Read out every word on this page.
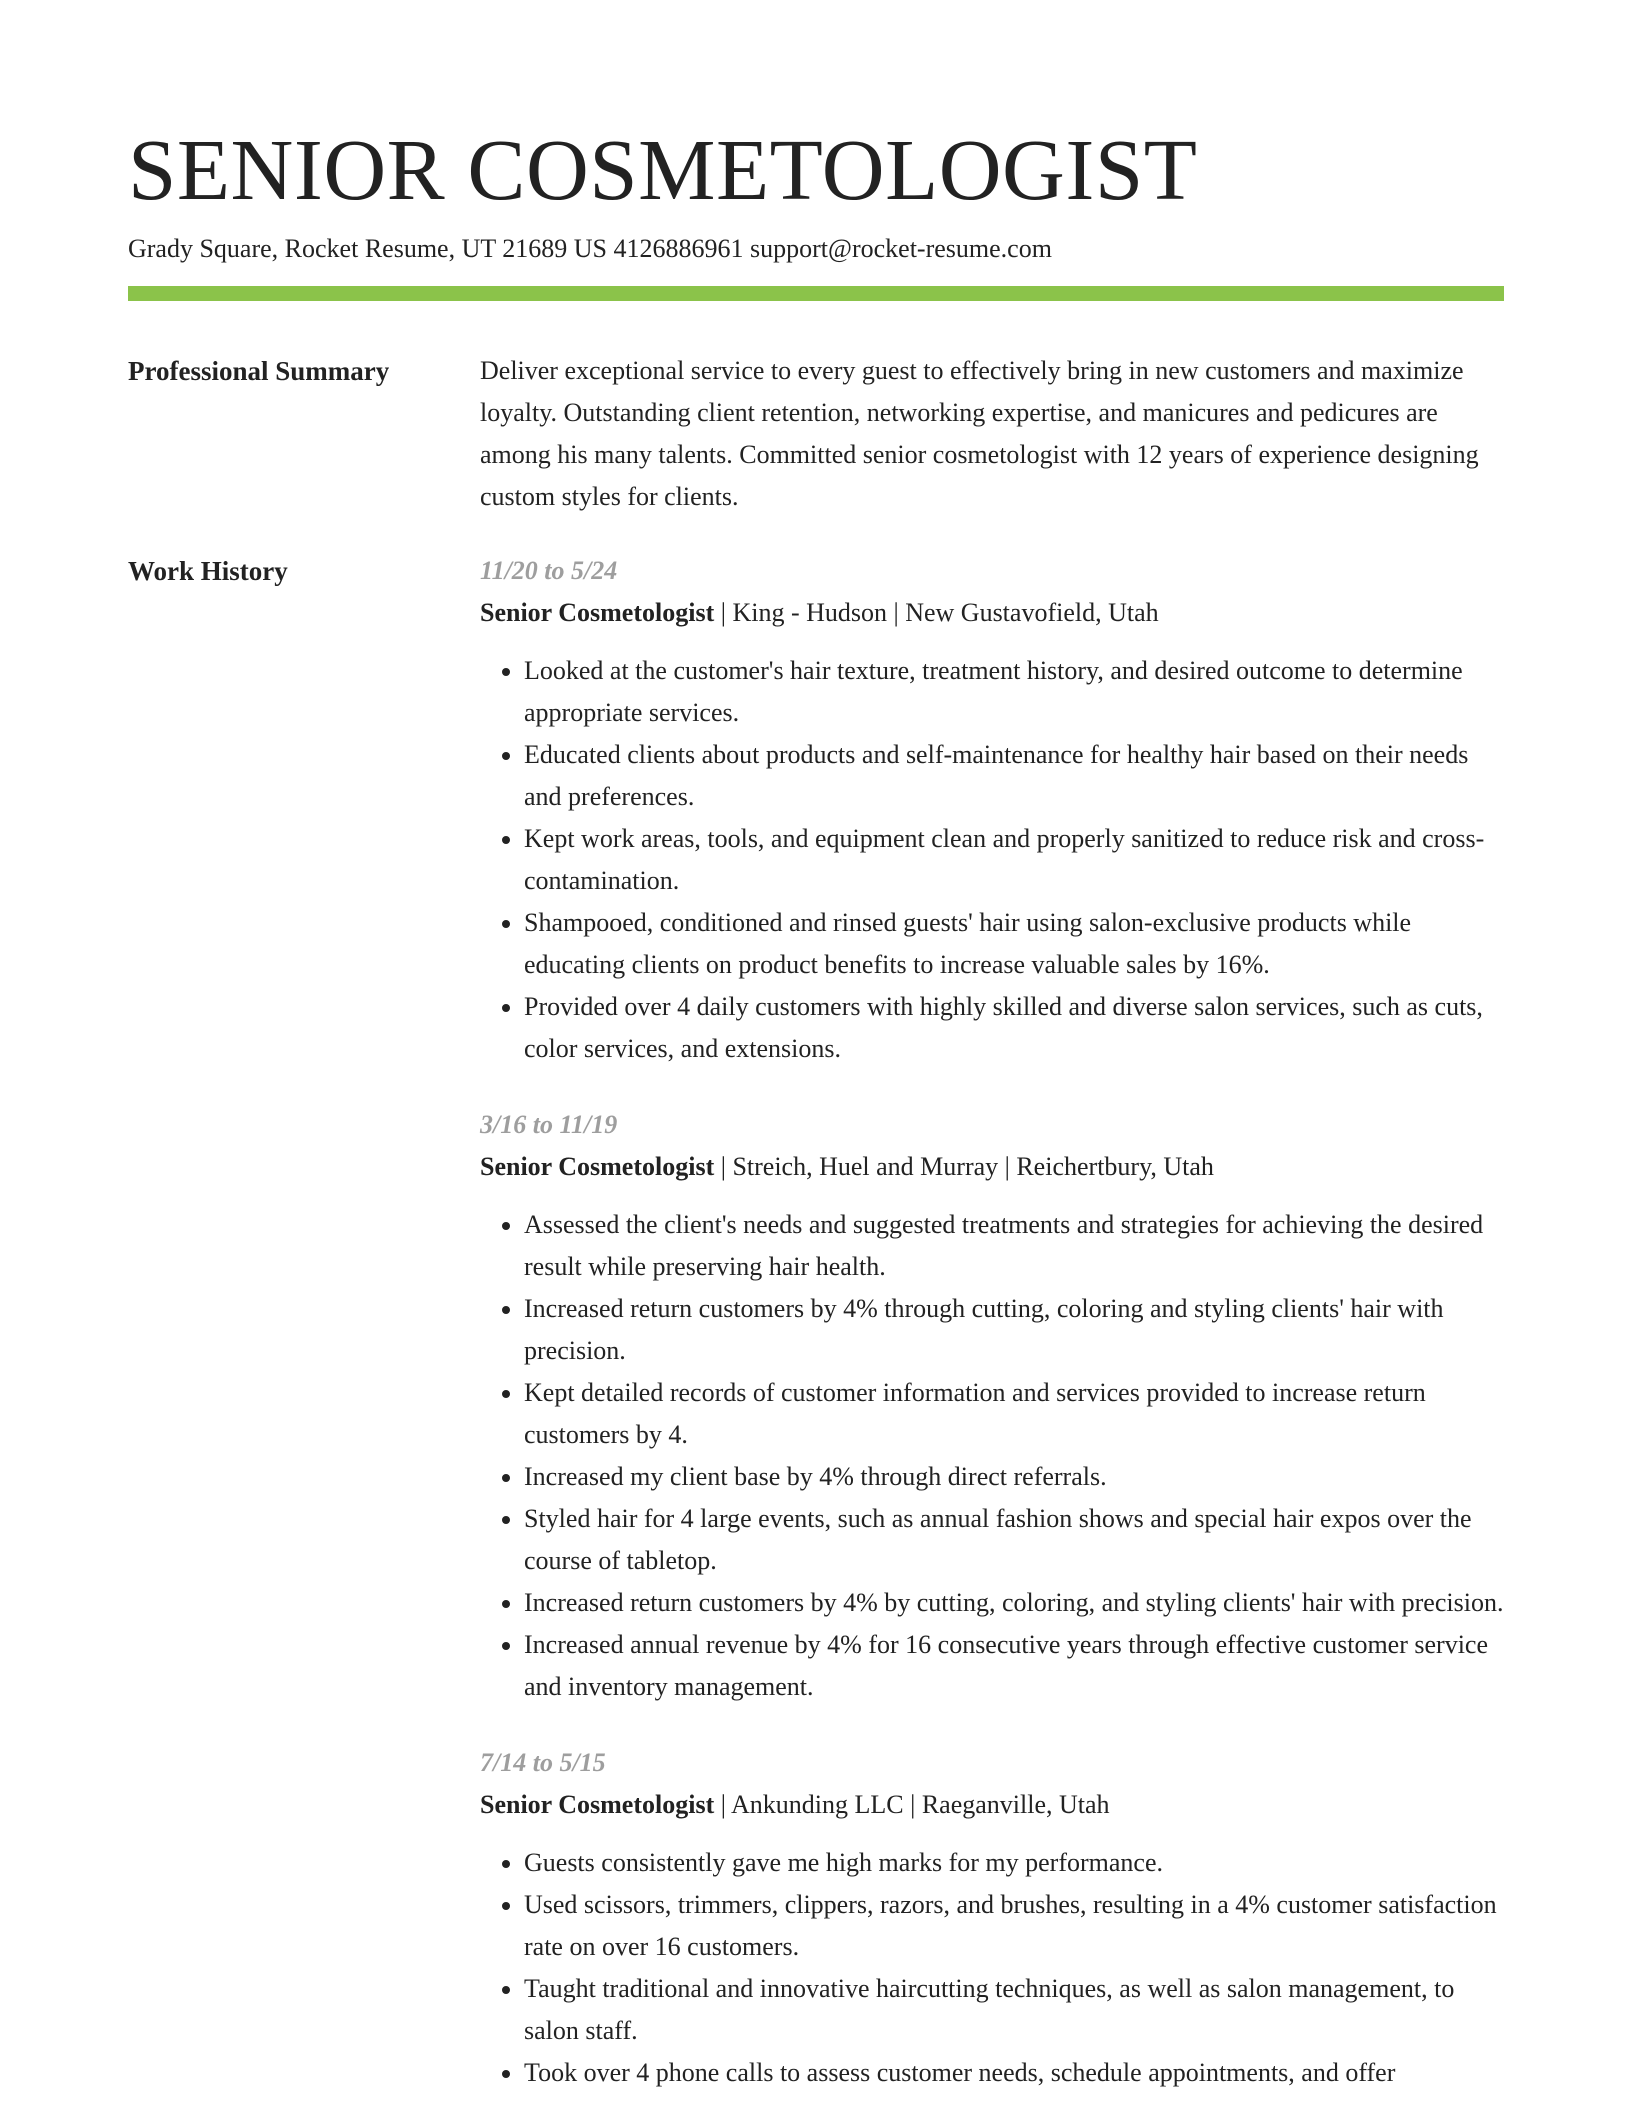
SENIOR COSMETOLOGIST
Grady Square, Rocket Resume, UT 21689 US 4126886961 support@rocket-resume.com
Professional Summary	Deliver exceptional service to every guest to effectively bring in new customers and maximize loyalty. Outstanding client retention, networking expertise, and manicures and pedicures are among his many talents. Committed senior cosmetologist with 12 years of experience designing custom styles for clients.

Work History	11/20 to 5/24
Senior Cosmetologist | King - Hudson | New Gustavofield, Utah
• Looked at the customer's hair texture, treatment history, and desired outcome to determine appropriate services.
• Educated clients about products and self-maintenance for healthy hair based on their needs and preferences.
• Kept work areas, tools, and equipment clean and properly sanitized to reduce risk and cross-contamination.
• Shampooed, conditioned and rinsed guests' hair using salon-exclusive products while educating clients on product benefits to increase valuable sales by 16%.
• Provided over 4 daily customers with highly skilled and diverse salon services, such as cuts, color services, and extensions.
3/16 to 11/19
Senior Cosmetologist | Streich, Huel and Murray | Reichertbury, Utah
• Assessed the client's needs and suggested treatments and strategies for achieving the desired result while preserving hair health.
• Increased return customers by 4% through cutting, coloring and styling clients' hair with precision.
• Kept detailed records of customer information and services provided to increase return customers by 4.
• Increased my client base by 4% through direct referrals.
• Styled hair for 4 large events, such as annual fashion shows and special hair expos over the course of tabletop.
• Increased return customers by 4% by cutting, coloring, and styling clients' hair with precision.
• Increased annual revenue by 4% for 16 consecutive years through effective customer service and inventory management.
7/14 to 5/15
Senior Cosmetologist | Ankunding LLC | Raeganville, Utah
• Guests consistently gave me high marks for my performance.
• Used scissors, trimmers, clippers, razors, and brushes, resulting in a 4% customer satisfaction rate on over 16 customers.
• Taught traditional and innovative haircutting techniques, as well as salon management, to salon staff.
• Took over 4 phone calls to assess customer needs, schedule appointments, and offer
